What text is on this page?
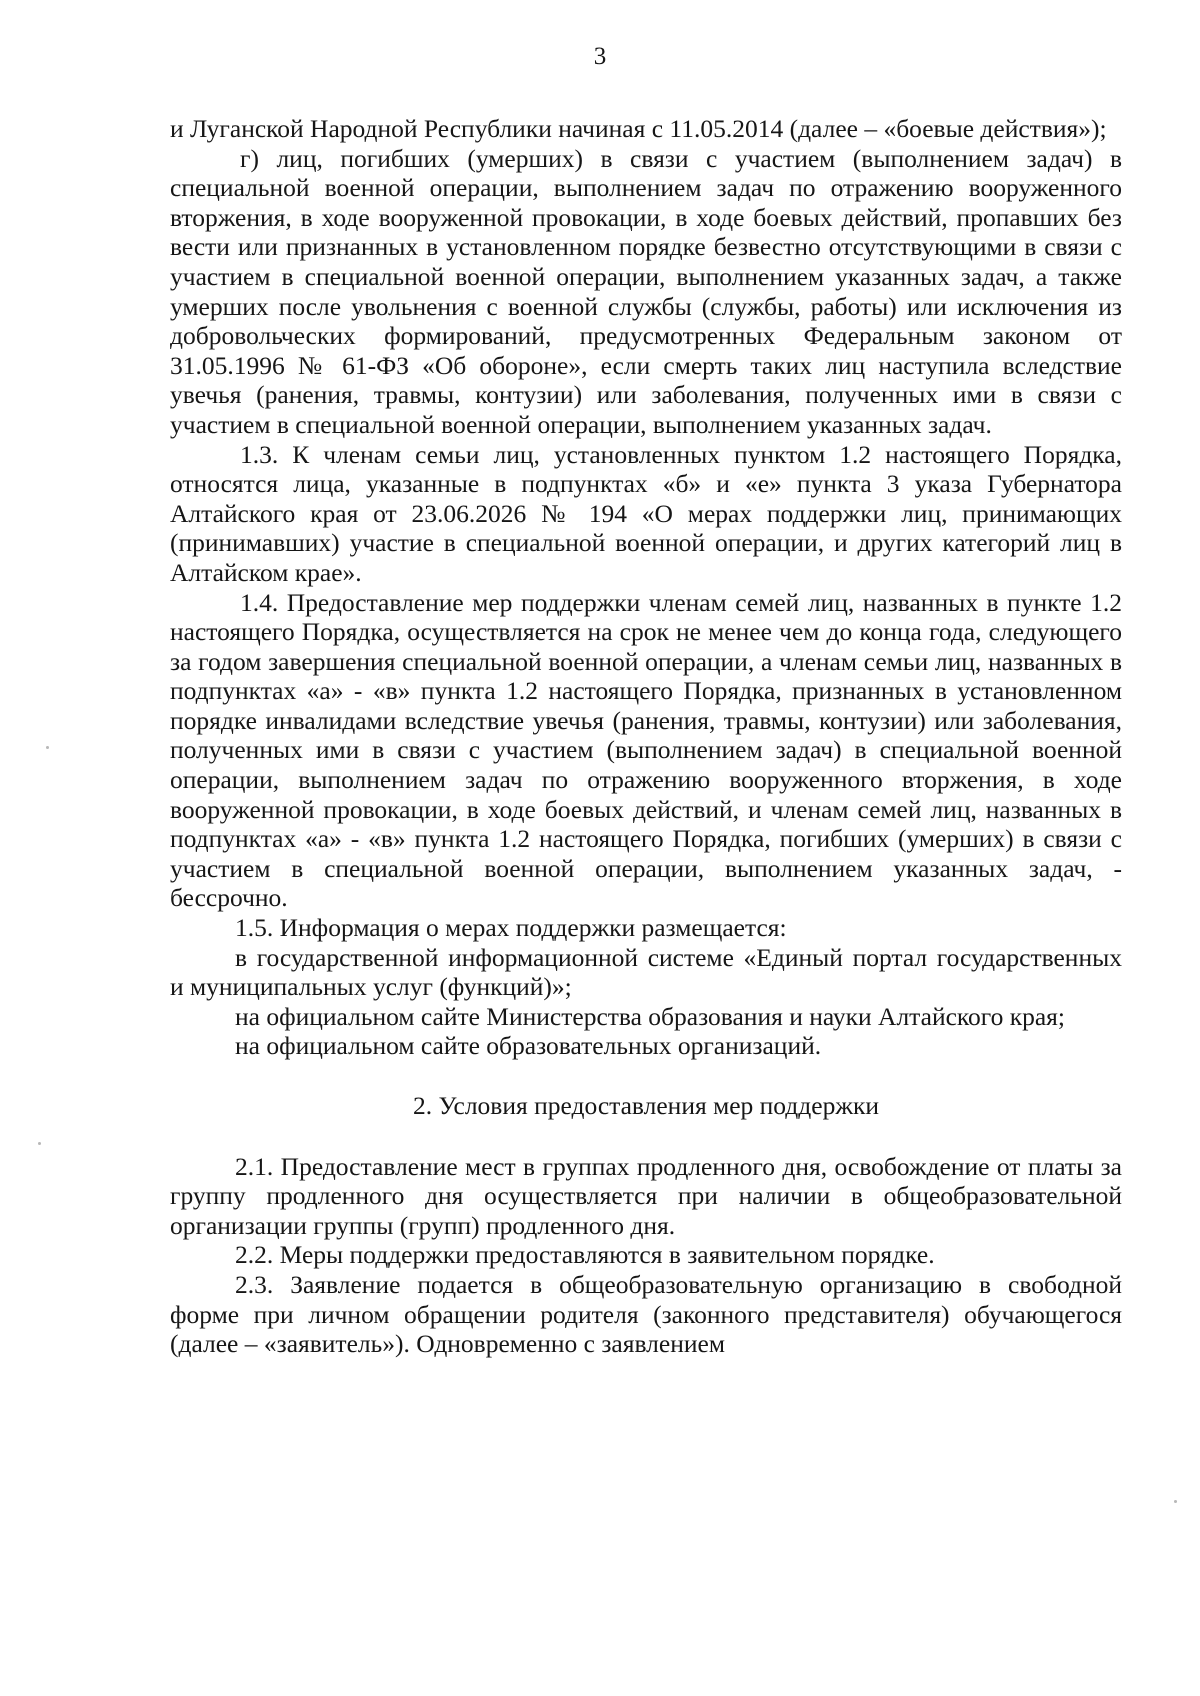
3

и Луганской Народной Республики начиная с 11.05.2014 (далее – «боевые действия»);

г) лиц, погибших (умерших) в связи с участием (выполнением задач) в специальной военной операции, выполнением задач по отражению вооруженного вторжения, в ходе вооруженной провокации, в ходе боевых действий, пропавших без вести или признанных в установленном порядке безвестно отсутствующими в связи с участием в специальной военной операции, выполнением указанных задач, а также умерших после увольнения с военной службы (службы, работы) или исключения из добровольческих формирований, предусмотренных Федеральным законом от 31.05.1996 № 61-ФЗ «Об обороне», если смерть таких лиц наступила вследствие увечья (ранения, травмы, контузии) или заболевания, полученных ими в связи с участием в специальной военной операции, выполнением указанных задач.

1.3. К членам семьи лиц, установленных пунктом 1.2 настоящего Порядка, относятся лица, указанные в подпунктах «б» и «е» пункта 3 указа Губернатора Алтайского края от 23.06.2026 № 194 «О мерах поддержки лиц, принимающих (принимавших) участие в специальной военной операции, и других категорий лиц в Алтайском крае».

1.4. Предоставление мер поддержки членам семей лиц, названных в пункте 1.2 настоящего Порядка, осуществляется на срок не менее чем до конца года, следующего за годом завершения специальной военной операции, а членам семьи лиц, названных в подпунктах «а» - «в» пункта 1.2 настоящего Порядка, признанных в установленном порядке инвалидами вследствие увечья (ранения, травмы, контузии) или заболевания, полученных ими в связи с участием (выполнением задач) в специальной военной операции, выполнением задач по отражению вооруженного вторжения, в ходе вооруженной провокации, в ходе боевых действий, и членам семей лиц, названных в подпунктах «а» - «в» пункта 1.2 настоящего Порядка, погибших (умерших) в связи с участием в специальной военной операции, выполнением указанных задач, - бессрочно.

1.5. Информация о мерах поддержки размещается:

в государственной информационной системе «Единый портал государственных и муниципальных услуг (функций)»;

на официальном сайте Министерства образования и науки Алтайского края;

на официальном сайте образовательных организаций.

2. Условия предоставления мер поддержки

2.1. Предоставление мест в группах продленного дня, освобождение от платы за группу продленного дня осуществляется при наличии в общеобразовательной организации группы (групп) продленного дня.

2.2. Меры поддержки предоставляются в заявительном порядке.

2.3. Заявление подается в общеобразовательную организацию в свободной форме при личном обращении родителя (законного представителя) обучающегося (далее – «заявитель»). Одновременно с заявлением
